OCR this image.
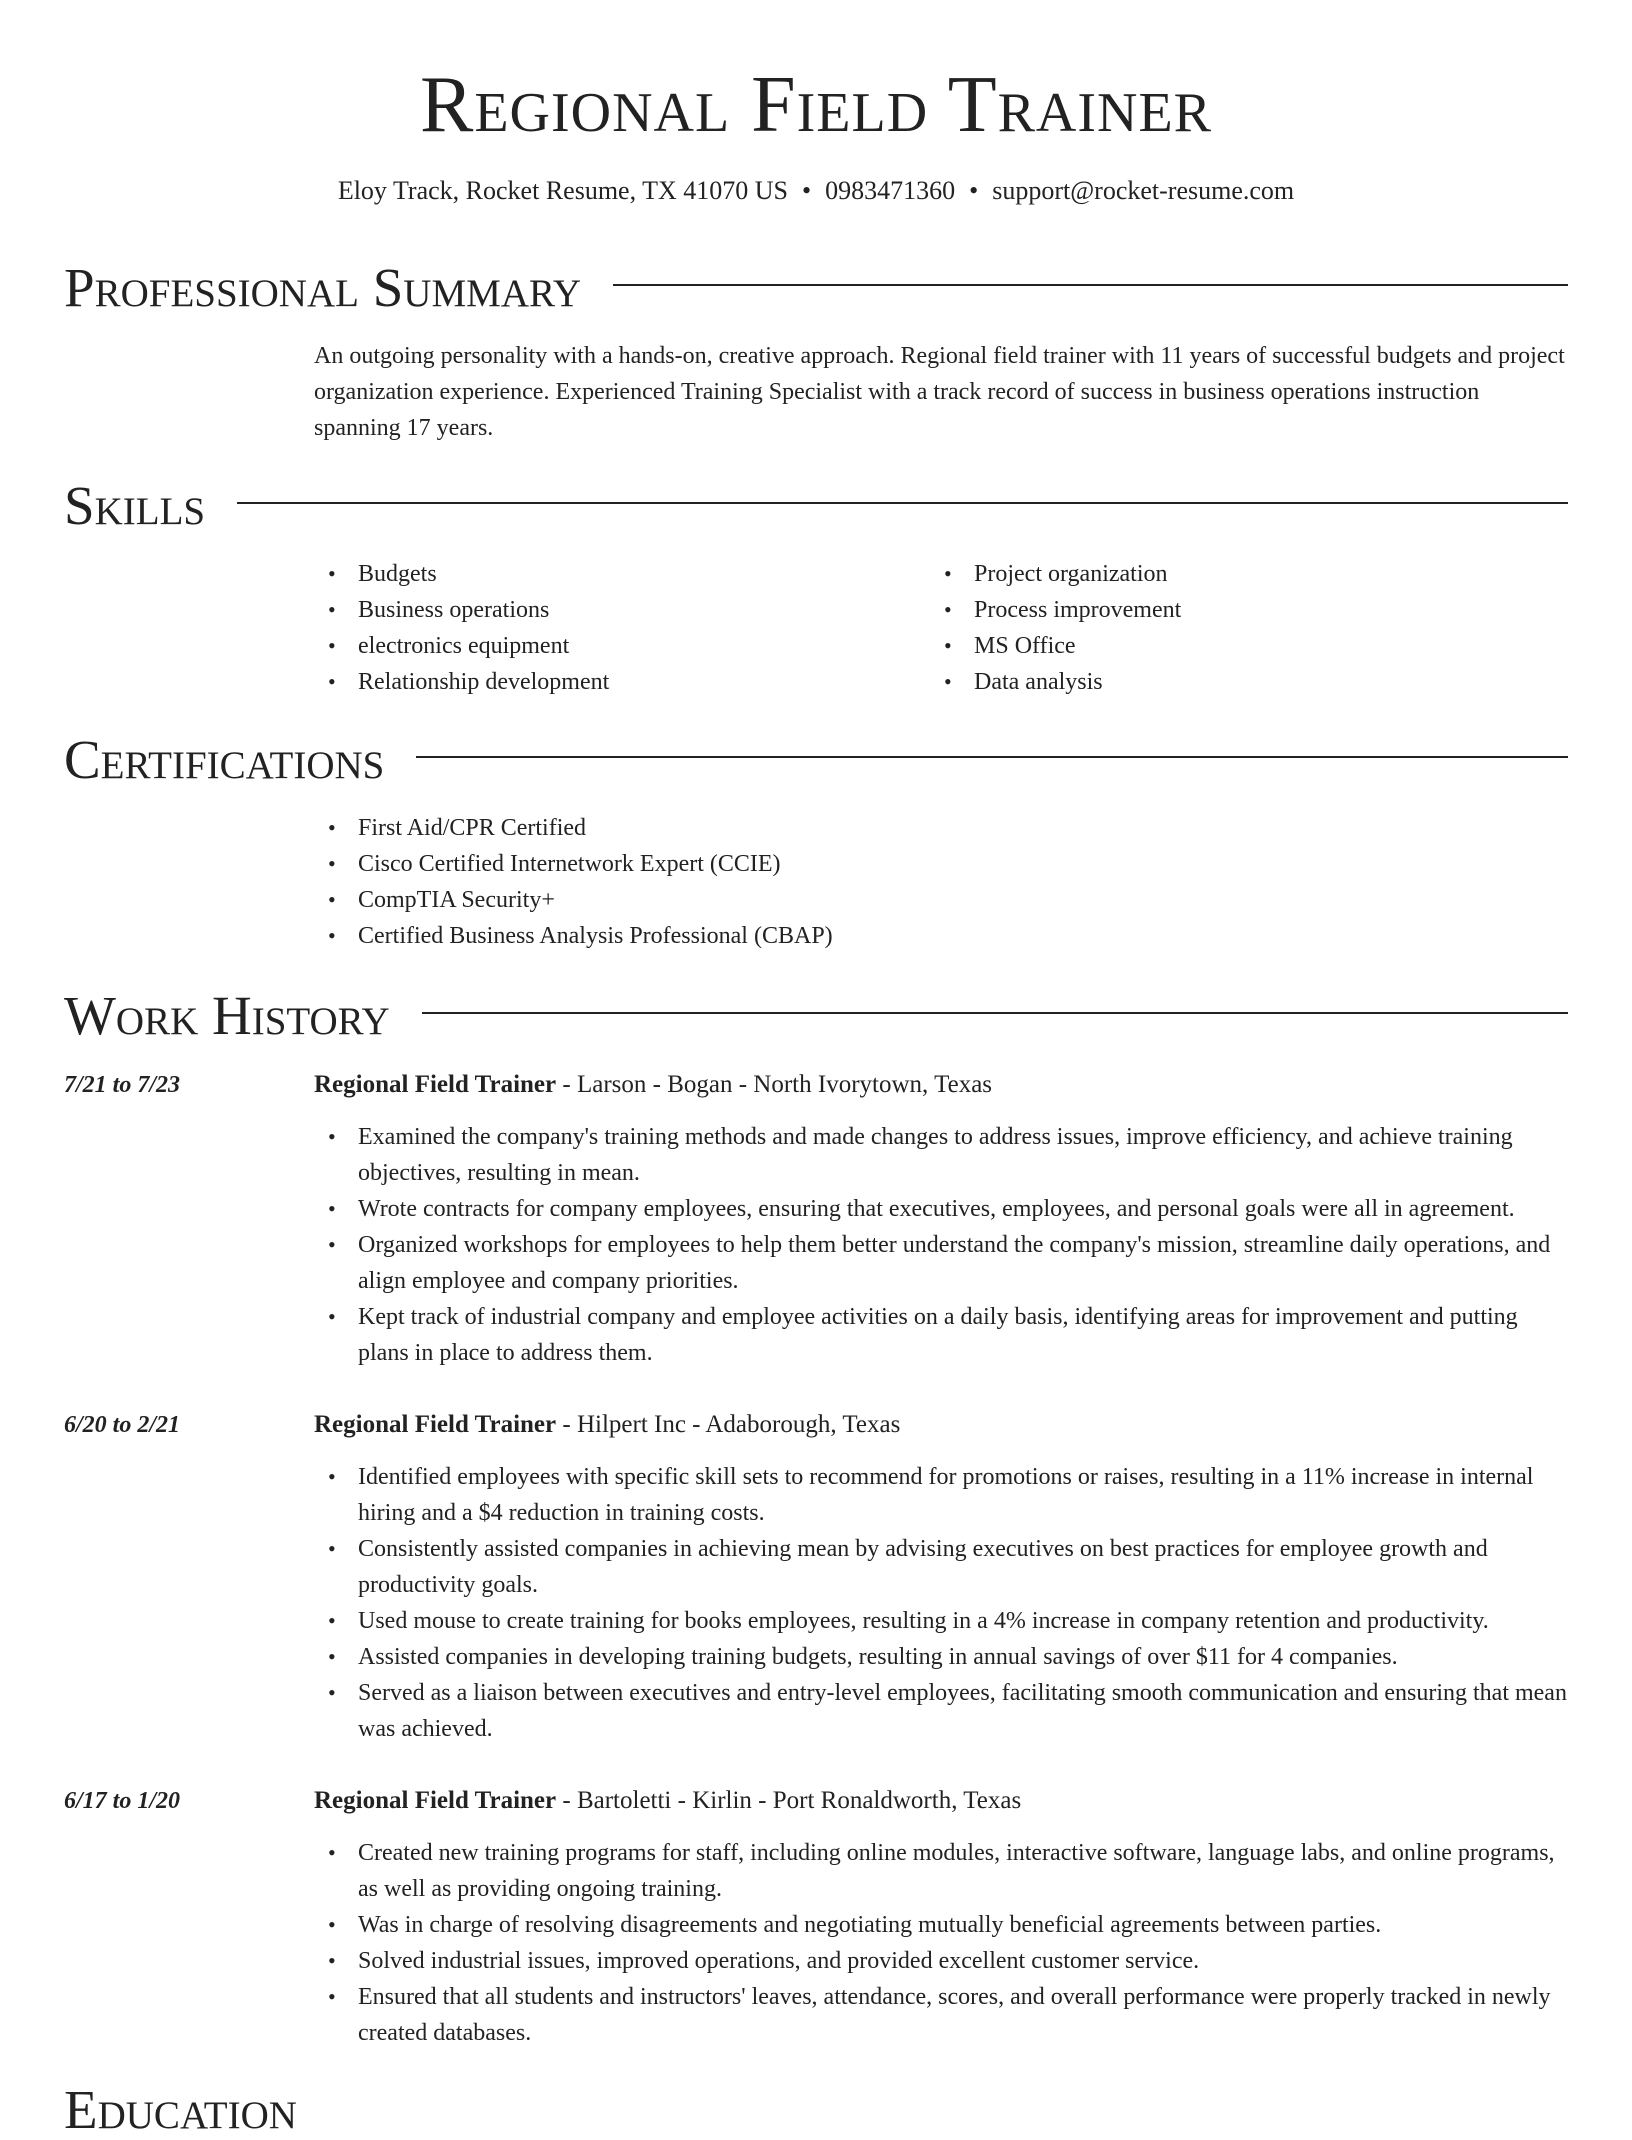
Regional Field Trainer
Eloy Track, Rocket Resume, TX 41070 US • 0983471360 • support@rocket-resume.com
Professional Summary

An outgoing personality with a hands-on, creative approach. Regional field trainer with 11 years of successful budgets and project organization experience. Experienced Training Specialist with a track record of success in business operations instruction spanning 17 years.

Skills
• Budgets
• Business operations
• electronics equipment
• Relationship development
• Project organization
• Process improvement
• MS Office
• Data analysis
Certifications
• First Aid/CPR Certified
• Cisco Certified Internetwork Expert (CCIE)
• CompTIA Security+
• Certified Business Analysis Professional (CBAP)
Work History
7/21 to 7/23	Regional Field Trainer - Larson - Bogan - North Ivorytown, Texas
• Examined the company's training methods and made changes to address issues, improve efficiency, and achieve training objectives, resulting in mean.
• Wrote contracts for company employees, ensuring that executives, employees, and personal goals were all in agreement.
• Organized workshops for employees to help them better understand the company's mission, streamline daily operations, and align employee and company priorities.
• Kept track of industrial company and employee activities on a daily basis, identifying areas for improvement and putting plans in place to address them.
6/20 to 2/21	Regional Field Trainer - Hilpert Inc - Adaborough, Texas
• Identified employees with specific skill sets to recommend for promotions or raises, resulting in a 11% increase in internal hiring and a $4 reduction in training costs.
• Consistently assisted companies in achieving mean by advising executives on best practices for employee growth and productivity goals.
• Used mouse to create training for books employees, resulting in a 4% increase in company retention and productivity.
• Assisted companies in developing training budgets, resulting in annual savings of over $11 for 4 companies.
• Served as a liaison between executives and entry-level employees, facilitating smooth communication and ensuring that mean was achieved.
6/17 to 1/20	Regional Field Trainer - Bartoletti - Kirlin - Port Ronaldworth, Texas
• Created new training programs for staff, including online modules, interactive software, language labs, and online programs, as well as providing ongoing training.
• Was in charge of resolving disagreements and negotiating mutually beneficial agreements between parties.
• Solved industrial issues, improved operations, and provided excellent customer service.
• Ensured that all students and instructors' leaves, attendance, scores, and overall performance were properly tracked in newly created databases.
Education
